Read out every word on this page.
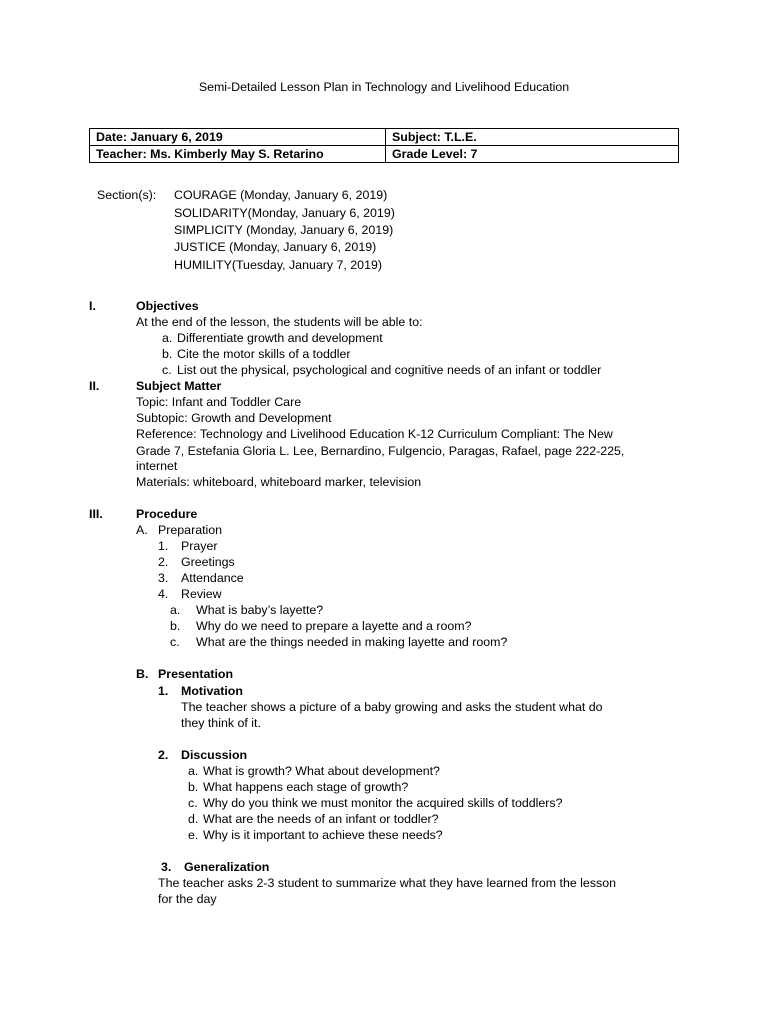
Semi-Detailed Lesson Plan in Technology and Livelihood Education
Date: January 6, 2019	Subject: T.L.E.
Teacher: Ms. Kimberly May S. Retarino	Grade Level: 7
Section(s): COURAGE (Monday, January 6, 2019)
SOLIDARITY(Monday, January 6, 2019)
SIMPLICITY (Monday, January 6, 2019)
JUSTICE (Monday, January 6, 2019)
HUMILITY(Tuesday, January 7, 2019)
I.	Objectives
At the end of the lesson, the students will be able to:
a. Differentiate growth and development
b. Cite the motor skills of a toddler
c. List out the physical, psychological and cognitive needs of an infant or toddler
II.	Subject Matter
Topic: Infant and Toddler Care
Subtopic: Growth and Development
Reference: Technology and Livelihood Education K-12 Curriculum Compliant: The New
Grade 7, Estefania Gloria L. Lee, Bernardino, Fulgencio, Paragas, Rafael, page 222-225,
internet
Materials: whiteboard, whiteboard marker, television
III.	Procedure
A. Preparation
1. Prayer
2. Greetings
3. Attendance
4. Review
a. What is baby’s layette?
b. Why do we need to prepare a layette and a room?
c. What are the things needed in making layette and room?
B. Presentation
1. Motivation
The teacher shows a picture of a baby growing and asks the student what do
they think of it.
2. Discussion
a. What is growth? What about development?
b. What happens each stage of growth?
c. Why do you think we must monitor the acquired skills of toddlers?
d. What are the needs of an infant or toddler?
e. Why is it important to achieve these needs?
3. Generalization
The teacher asks 2-3 student to summarize what they have learned from the lesson
for the day
